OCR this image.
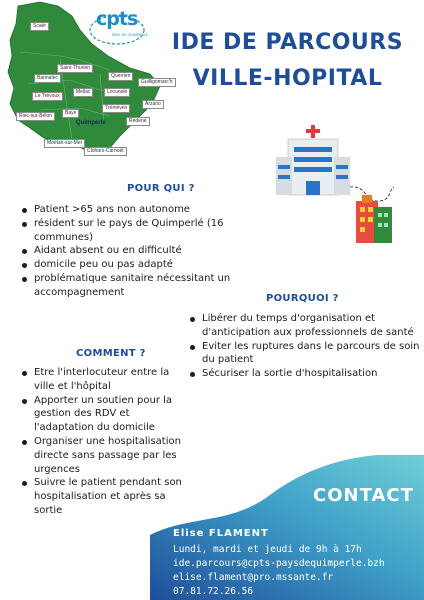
cpts
PAYS DE QUIMPERLÉ
Scaër
Saint-Thurien
Querrien
Bannalec
Guilligomarc'h
Mellac	Locunolé
Le Trévoux
Arzano
Baye
Tréméven
Riec-sur-Bélon
Quimperlé	Rédené
Moëlan-sur-Mer
Clohars-Carnoët
IDE DE PARCOURS
VILLE-HOPITAL
POUR QUI ?
Patient >65 ans non autonome
résident sur le pays de Quimperlé (16 communes)
Aidant absent ou en difficulté
domicile peu ou pas adapté
problématique sanitaire nécessitant un accompagnement
POURQUOI ?
Libérer du temps d'organisation et d'anticipation aux professionnels de santé
Eviter les ruptures dans le parcours de soin du patient
Sécuriser la sortie d'hospitalisation
COMMENT ?
Etre l'interlocuteur entre la ville et l'hôpital
Apporter un soutien pour la gestion des RDV et l'adaptation du domicile
Organiser une hospitalisation directe sans passage par les urgences
Suivre le patient pendant son hospitalisation et après sa sortie
CONTACT
Elise FLAMENT
Lundi, mardi et jeudi de 9h à 17h
ide.parcours@cpts-paysdequimperle.bzh
elise.flament@pro.mssante.fr
07.81.72.26.56
